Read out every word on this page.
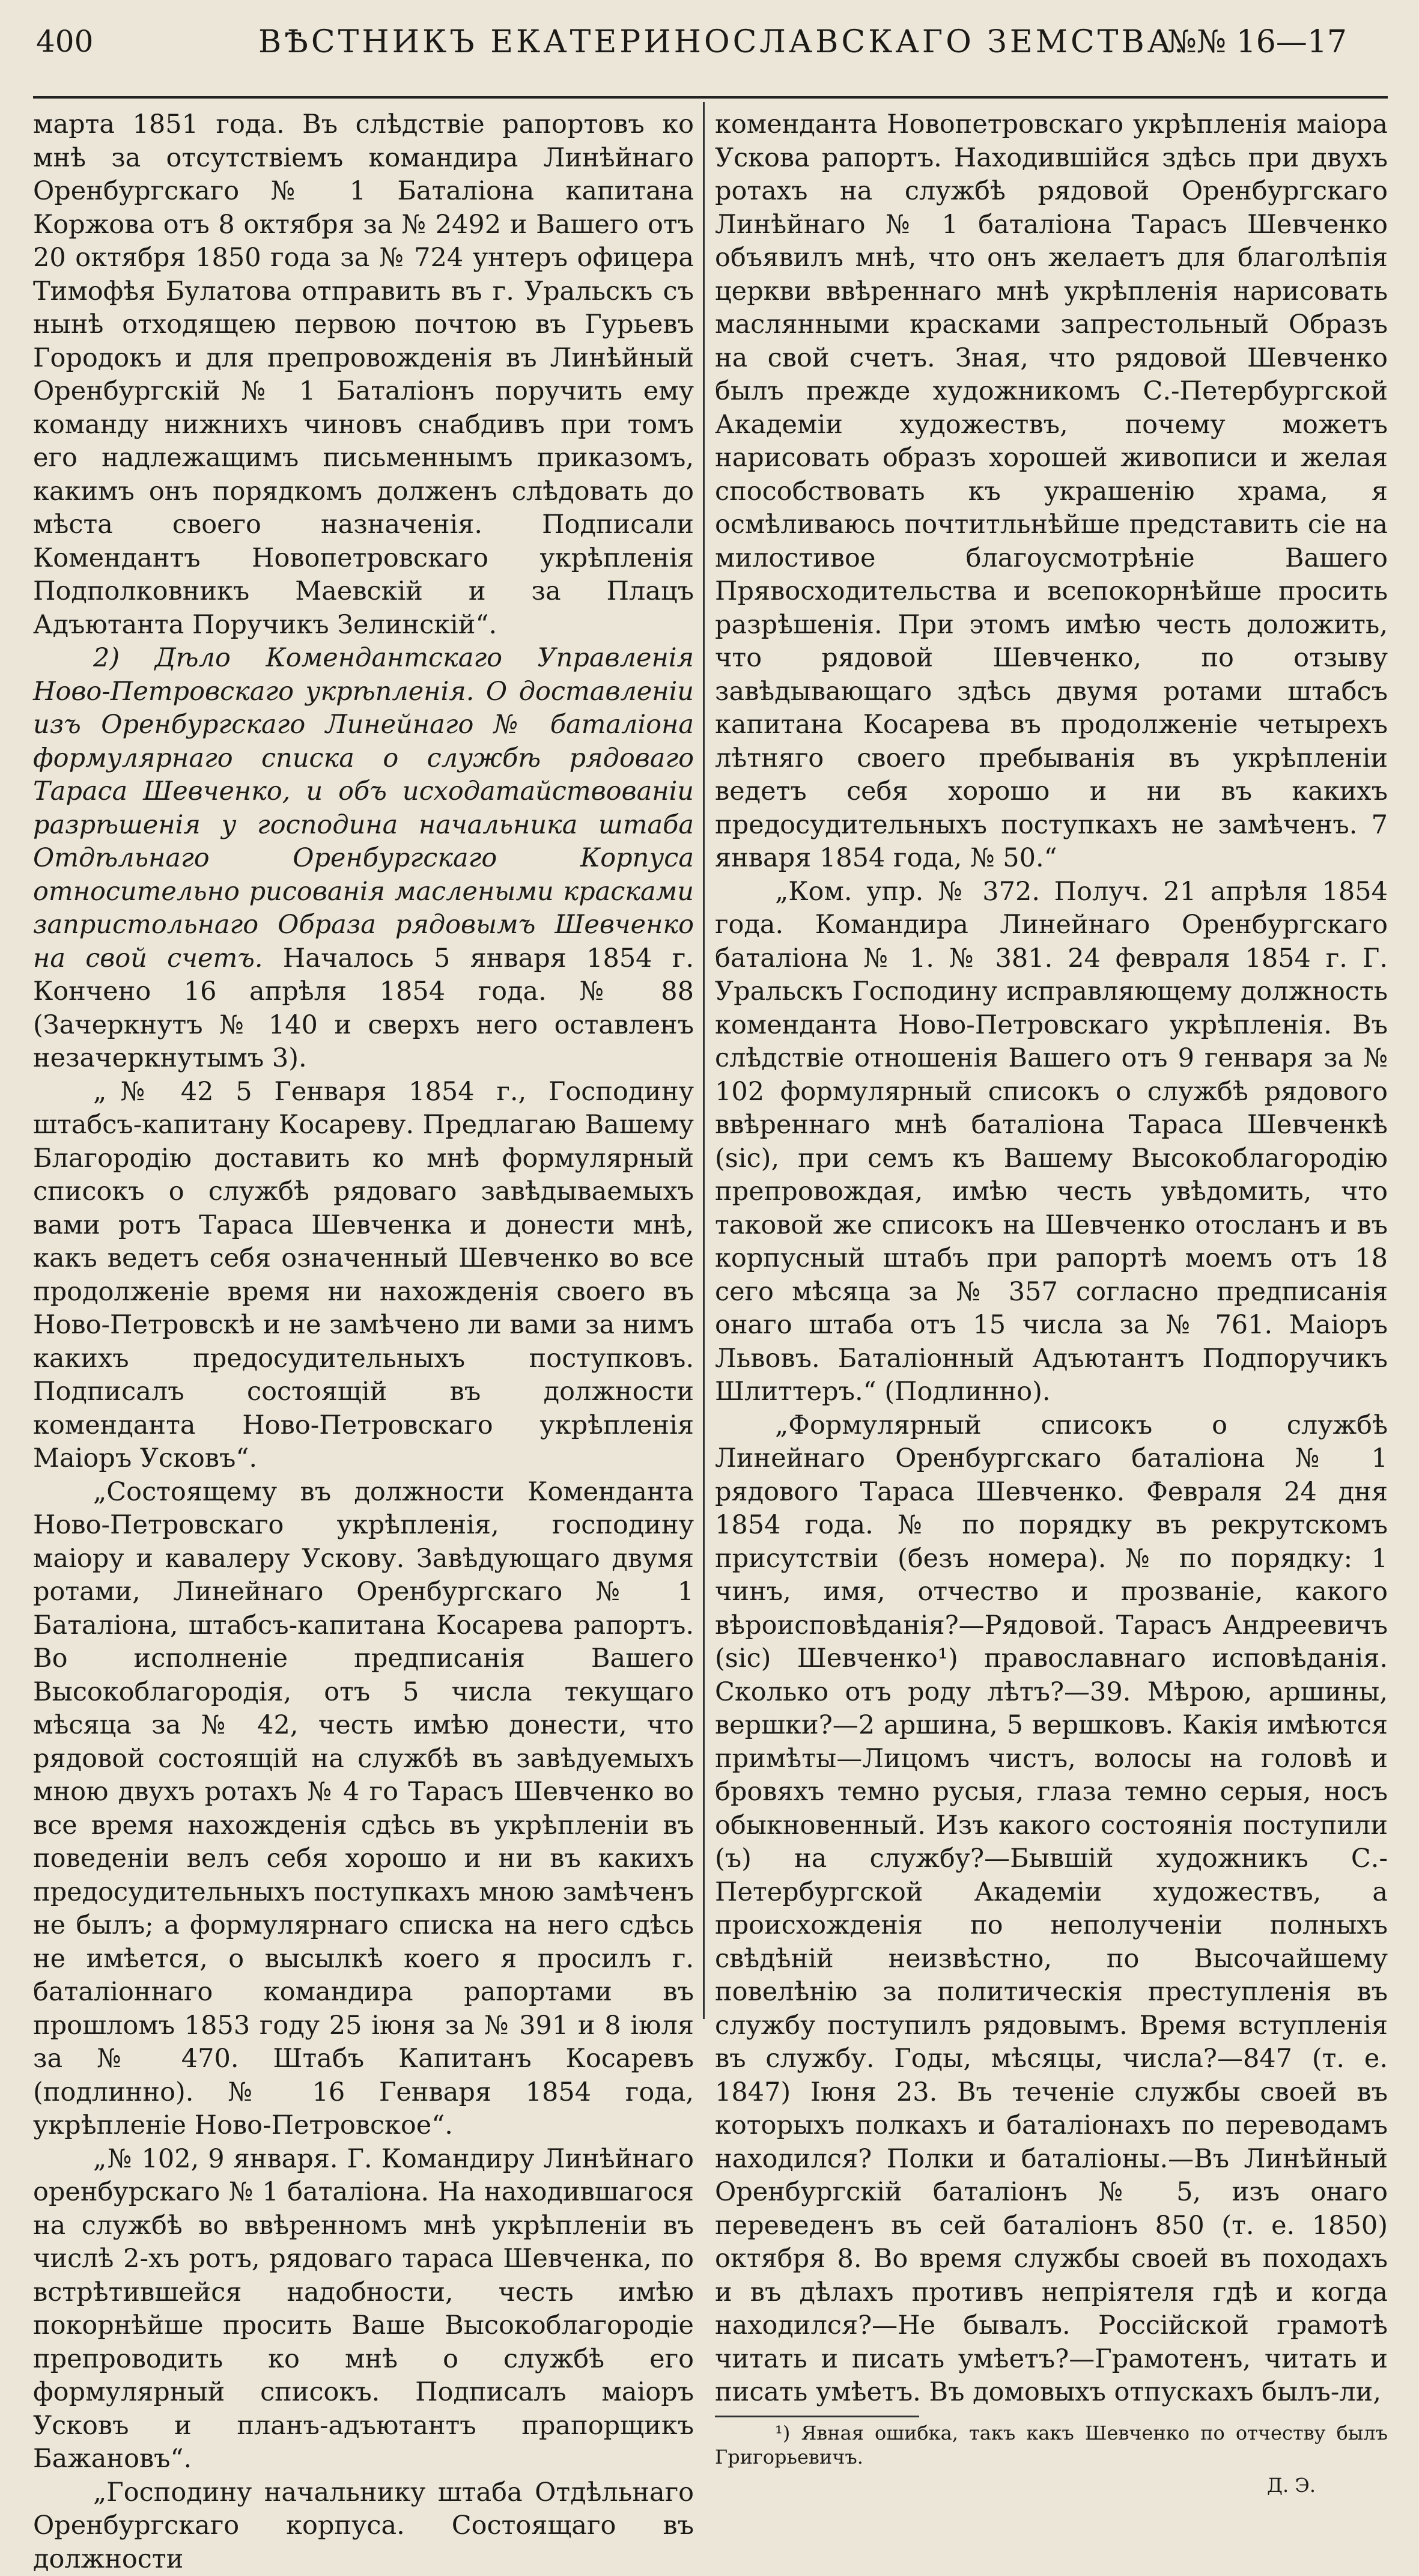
400	ВѢСТНИКЪ ЕКАТЕРИНОСЛАВСКАГО ЗЕМСТВА.
№№ 16—17

марта 1851 года. Въ слѣдствіе рапортовъ ко мнѣ за отсутствіемъ командира Линѣйнаго Оренбургскаго № 1 Баталіона капитана Коржова отъ 8 октября за № 2492 и Вашего отъ 20 октября 1850 года за № 724 унтеръ офицера Тимофѣя Булатова отправить въ г. Уральскъ съ нынѣ отходящею первою почтою въ Гурьевъ Городокъ и для препровожденія въ Линѣйный Оренбургскій № 1 Баталіонъ поручить ему команду нижнихъ чиновъ снабдивъ при томъ его надлежащимъ письменнымъ приказомъ, какимъ онъ порядкомъ долженъ слѣдовать до мѣста своего назначенія. Подписали Комендантъ Новопетровскаго укрѣпленія Подполковникъ Маевскій и за Плацъ Адъютанта Поручикъ Зелинскій“.

2) Дѣло Комендантскаго Управленія Ново-Петровскаго укрѣпленія. О доставленіи изъ Оренбургскаго Линейнаго № баталіона формулярнаго списка о службѣ рядоваго Тараса Шевченко, и объ исходатайствованіи разрѣшенія у господина начальника штаба Отдѣльнаго Оренбургскаго Корпуса относительно рисованія маслеными красками запристольнаго Образа рядовымъ Шевченко на свой счетъ. Началось 5 января 1854 г. Кончено 16 апрѣля 1854 года. № 88 (Зачеркнутъ № 140 и сверхъ него оставленъ незачеркнутымъ 3).

„№ 42 5 Генваря 1854 г., Господину штабсъ-капитану Косареву. Предлагаю Вашему Благородію доставить ко мнѣ формулярный списокъ о службѣ рядоваго завѣдываемыхъ вами ротъ Тараса Шевченка и донести мнѣ, какъ ведетъ себя означенный Шевченко во все продолженіе время ни нахожденія своего въ Ново-Петровскѣ и не замѣчено ли вами за нимъ какихъ предосудительныхъ поступковъ. Подписалъ состоящій въ должности коменданта Ново-Петровскаго укрѣпленія Маіоръ Усковъ“.

„Состоящему въ должности Коменданта Ново-Петровскаго укрѣпленія, господину маіору и кавалеру Ускову. Завѣдующаго двумя ротами, Линейнаго Оренбургскаго № 1 Баталіона, штабсъ-капитана Косарева рапортъ. Во исполненіе предписанія Вашего Высокоблагородія, отъ 5 числа текущаго мѣсяца за № 42, честь имѣю донести, что рядовой состоящій на службѣ въ завѣдуемыхъ мною двухъ ротахъ № 4 го Тарасъ Шевченко во все время нахожденія сдѣсь въ укрѣпленіи въ поведеніи велъ себя хорошо и ни въ какихъ предосудительныхъ поступкахъ мною замѣченъ не былъ; а формулярнаго списка на него сдѣсь не имѣется, о высылкѣ коего я просилъ г. баталіоннаго командира рапортами въ прошломъ 1853 году 25 іюня за № 391 и 8 іюля за № 470. Штабъ Капитанъ Косаревъ (подлинно). № 16 Генваря 1854 года, укрѣпленіе Ново-Петровское“.

„№ 102, 9 января. Г. Командиру Линѣйнаго оренбурскаго № 1 баталіона. На находившагося на службѣ во ввѣренномъ мнѣ укрѣпленіи въ числѣ 2-хъ ротъ, рядоваго тараса Шевченка, по встрѣтившейся надобности, честь имѣю покорнѣйше просить Ваше Высокоблагородіе препроводить ко мнѣ о службѣ его формулярный списокъ. Подписалъ маіоръ Усковъ и планъ-адъютантъ прапорщикъ Бажановъ“.

„Господину начальнику штаба Отдѣльнаго Оренбургскаго корпуса. Состоящаго въ должности

коменданта Новопетровскаго укрѣпленія маіора Ускова рапортъ. Находившійся здѣсь при двухъ ротахъ на службѣ рядовой Оренбургскаго Линѣйнаго № 1 баталіона Тарасъ Шевченко объявилъ мнѣ, что онъ желаетъ для благолѣпія церкви ввѣреннаго мнѣ укрѣпленія нарисовать маслянными красками запрестольный Образъ на свой счетъ. Зная, что рядовой Шевченко былъ прежде художникомъ С.-Петербургской Академіи художествъ, почему можетъ нарисовать образъ хорошей живописи и желая способствовать къ украшенію храма, я осмѣливаюсь почтитльнѣйше представить сіе на милостивое благоусмотрѣніе Вашего Прявосходительства и всепокорнѣйше просить разрѣшенія. При этомъ имѣю честь доложить, что рядовой Шевченко, по отзыву завѣдывающаго здѣсь двумя ротами штабсъ капитана Косарева въ продолженіе четырехъ лѣтняго своего пребыванія въ укрѣпленіи ведетъ себя хорошо и ни въ какихъ предосудительныхъ поступкахъ не замѣченъ. 7 января 1854 года, № 50.“

„Ком. упр. № 372. Получ. 21 апрѣля 1854 года. Командира Линейнаго Оренбургскаго баталіона № 1. № 381. 24 февраля 1854 г. Г. Уральскъ Господину исправляющему должность коменданта Ново-Петровскаго укрѣпленія. Въ слѣдствіе отношенія Вашего отъ 9 генваря за № 102 формулярный списокъ о службѣ рядового ввѣреннаго мнѣ баталіона Тараса Шевченкѣ (sic), при семъ къ Вашему Высокоблагородію препровождая, имѣю честь увѣдомить, что таковой же списокъ на Шевченко отосланъ и въ корпусный штабъ при рапортѣ моемъ отъ 18 сего мѣсяца за № 357 согласно предписанія онаго штаба отъ 15 числа за № 761. Маіоръ Львовъ. Баталіонный Адъютантъ Подпоручикъ Шлиттеръ.“ (Подлинно).

„Формулярный списокъ о службѣ Линейнаго Оренбургскаго баталіона № 1 рядового Тараса Шевченко. Февраля 24 дня 1854 года. № по порядку въ рекрутскомъ присутствіи (безъ номера). № по порядку: 1 чинъ, имя, отчество и прозваніе, какого вѣроисповѣданія?—Рядовой. Тарасъ Андреевичъ (sic) Шевченко¹) православнаго исповѣданія. Сколько отъ роду лѣтъ?—39. Мѣрою, аршины, вершки?—2 аршина, 5 вершковъ. Какія имѣются примѣты—Лицомъ чистъ, волосы на головѣ и бровяхъ темно русыя, глаза темно серыя, носъ обыкновенный. Изъ какого состоянія поступили (ъ) на службу?—Бывшій художникъ С.-Петербургской Академіи художествъ, а происхожденія по неполученіи полныхъ свѣдѣній неизвѣстно, по Высочайшему повелѣнію за политическія преступленія въ службу поступилъ рядовымъ. Время вступленія въ службу. Годы, мѣсяцы, числа?—847 (т. е. 1847) Іюня 23. Въ теченіе службы своей въ которыхъ полкахъ и баталіонахъ по переводамъ находился? Полки и баталіоны.—Въ Линѣйный Оренбургскій баталіонъ № 5, изъ онаго переведенъ въ сей баталіонъ 850 (т. е. 1850) октября 8. Во время службы своей въ походахъ и въ дѣлахъ противъ непріятеля гдѣ и когда находился?—Не бывалъ. Россійской грамотѣ читать и писать умѣетъ?—Грамотенъ, читать и писать умѣетъ. Въ домовыхъ отпускахъ былъ-ли,

¹) Явная ошибка, такъ какъ Шевченко по отчеству былъ Григорьевичъ.

Д. Э.
